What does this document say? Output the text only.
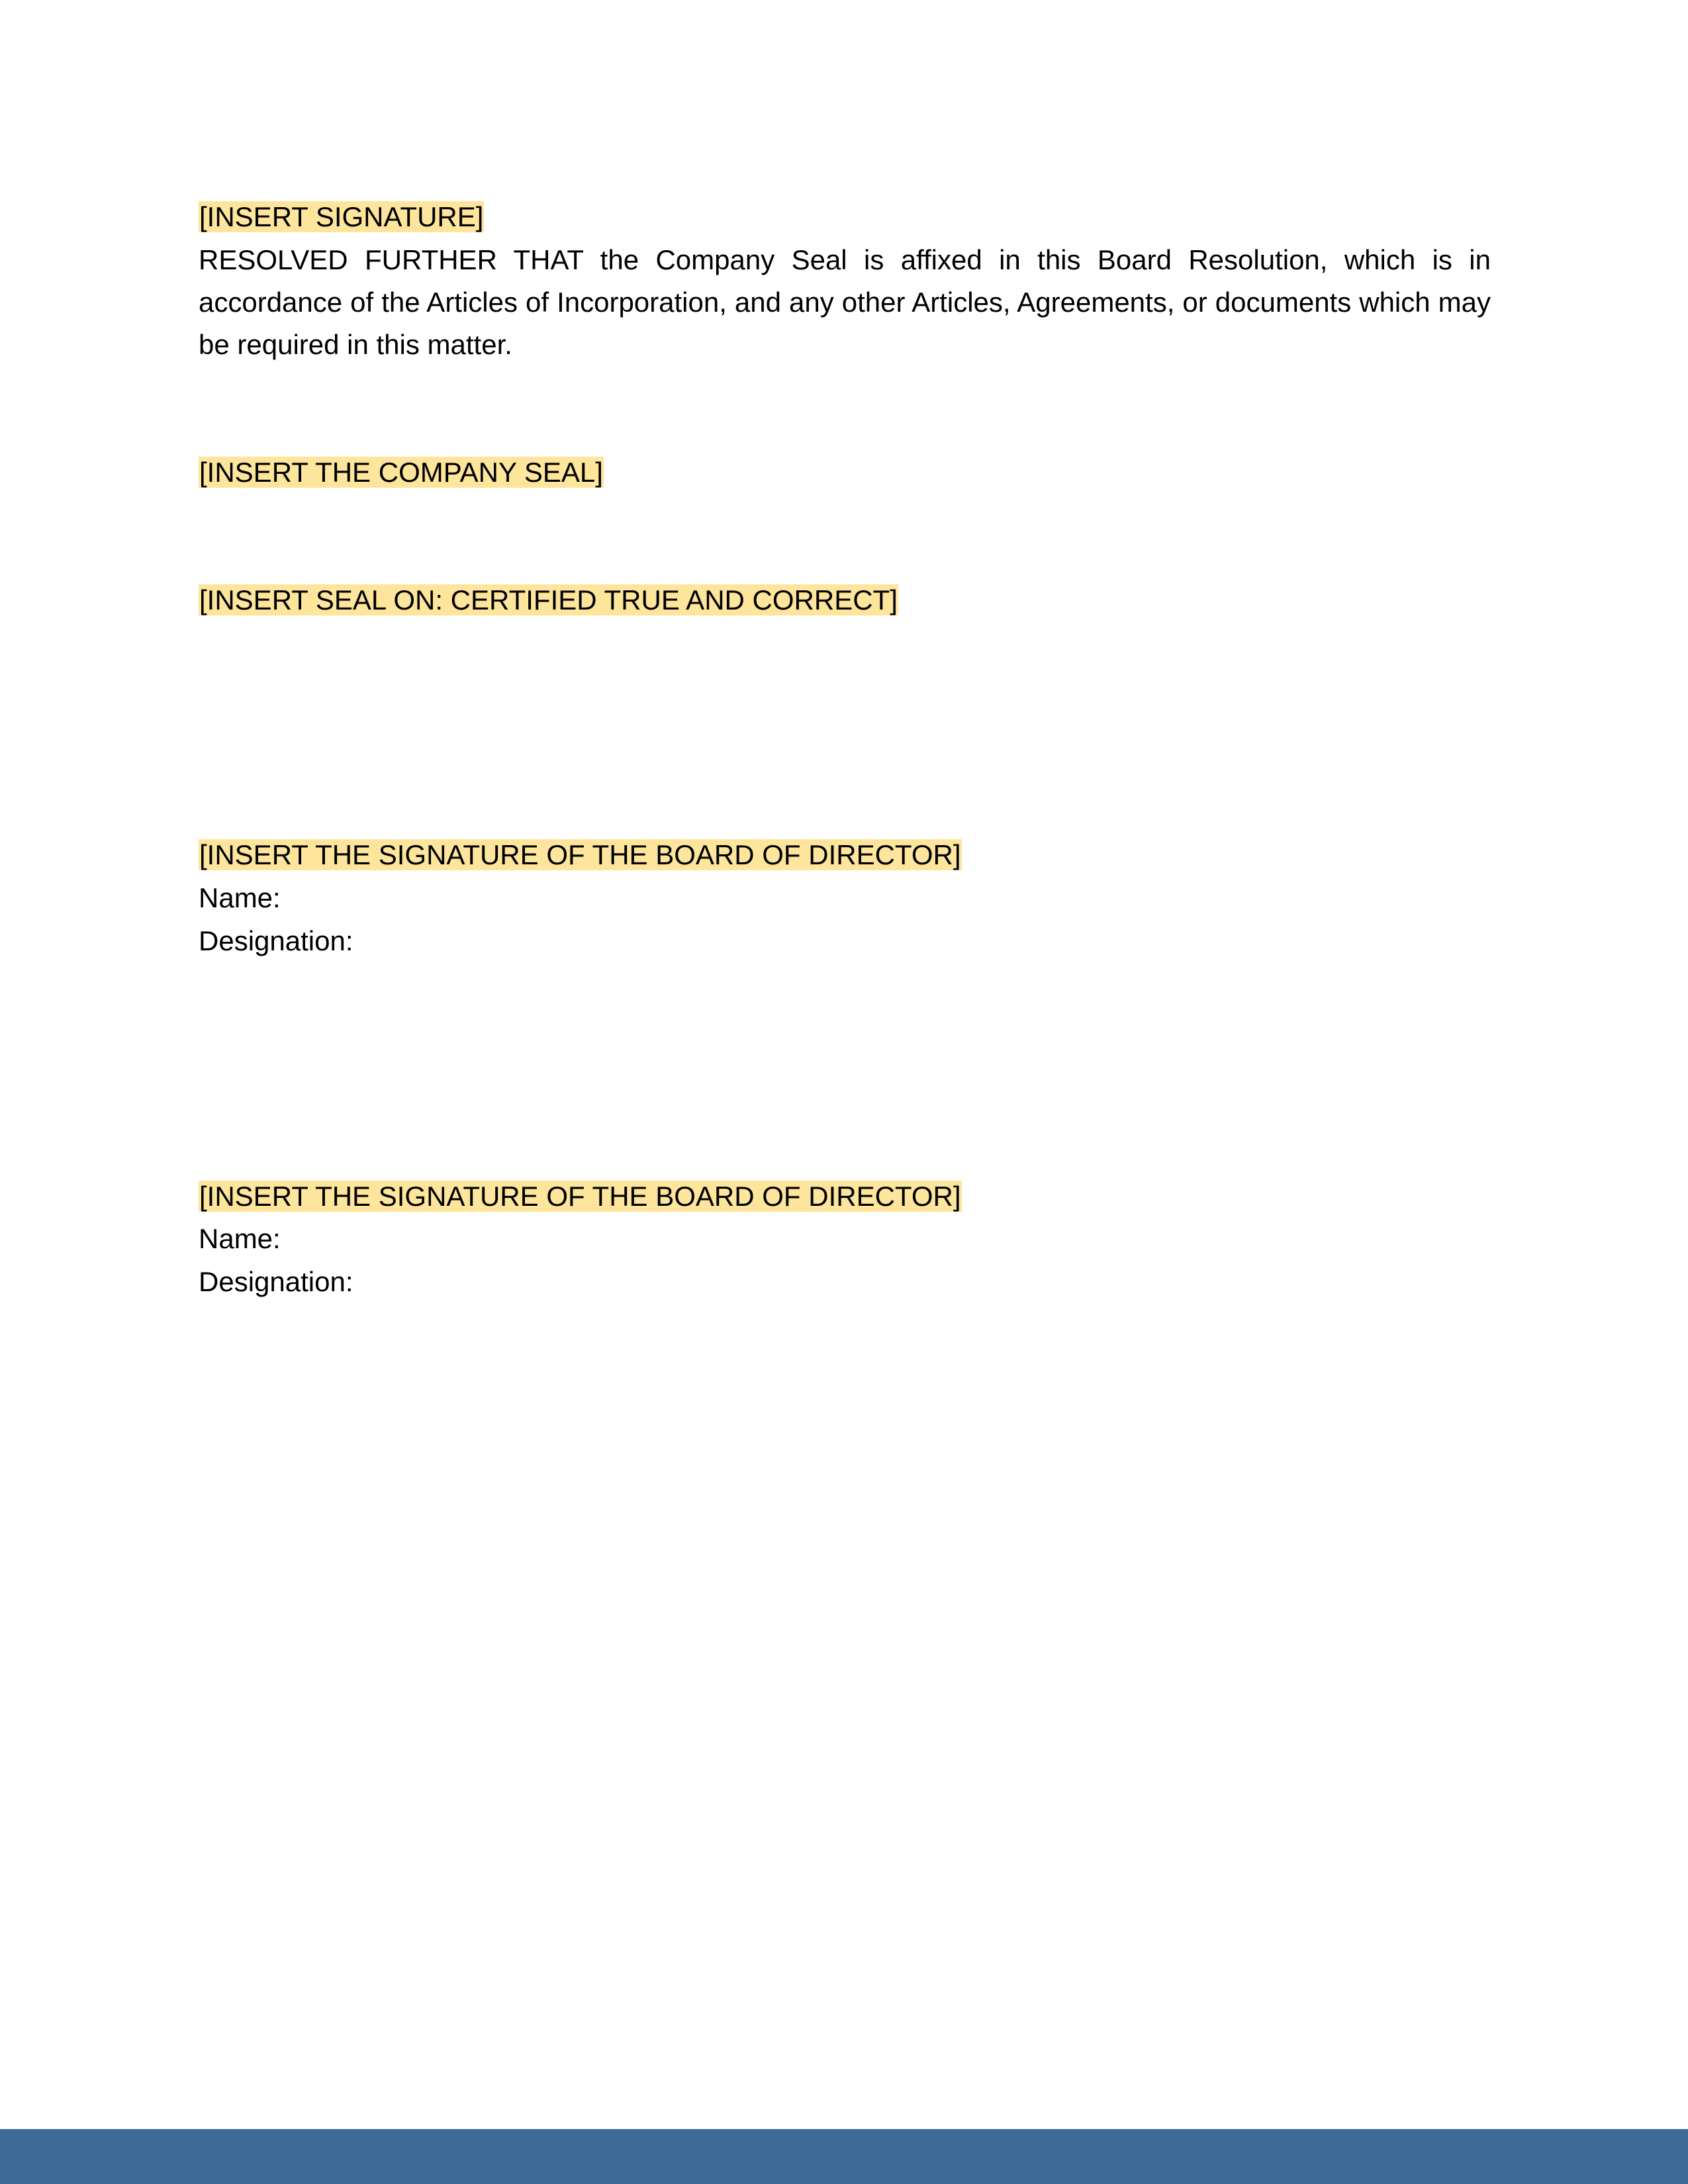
[INSERT SIGNATURE]
RESOLVED FURTHER THAT the Company Seal is affixed in this Board Resolution, which is in accordance of the Articles of Incorporation, and any other Articles, Agreements, or documents which may be required in this matter.
[INSERT THE COMPANY SEAL]
[INSERT SEAL ON: CERTIFIED TRUE AND CORRECT]
[INSERT THE SIGNATURE OF THE BOARD OF DIRECTOR]
Name:
Designation:
[INSERT THE SIGNATURE OF THE BOARD OF DIRECTOR]
Name:
Designation:
